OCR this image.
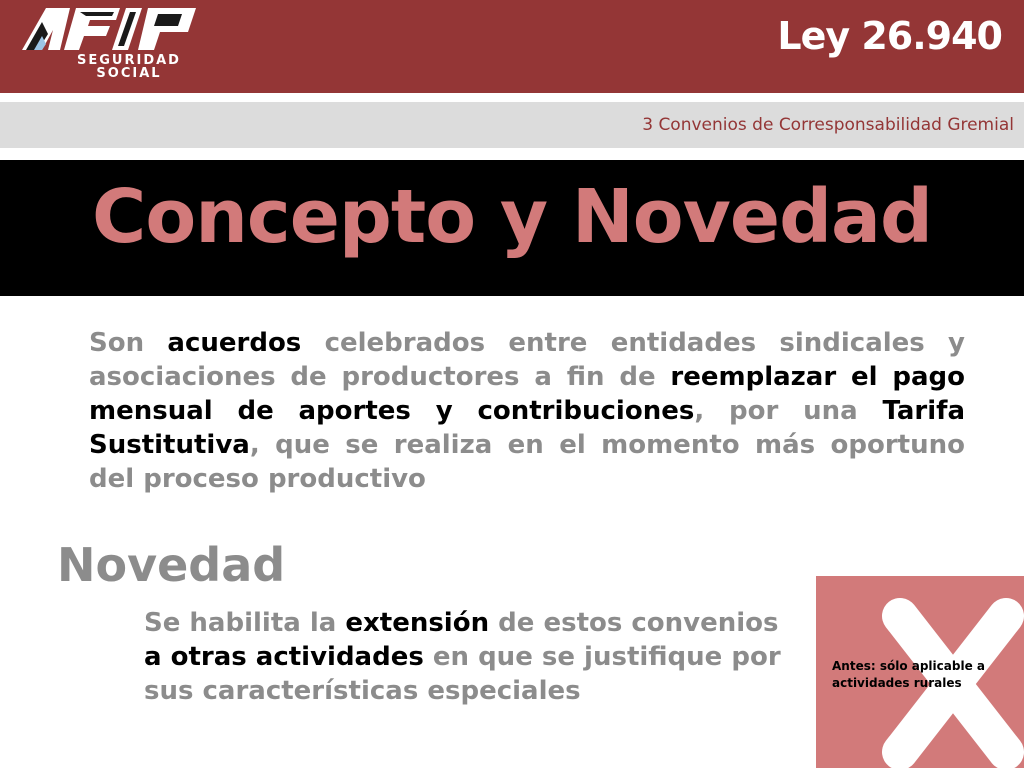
AFIP
SEGURIDAD
SOCIAL
Ley 26.940
3 Convenios de Corresponsabilidad Gremial
Concepto y Novedad

Son acuerdos celebrados entre entidades sindicales y asociaciones de productores a fin de reemplazar el pago mensual de aportes y contribuciones, por una Tarifa Sustitutiva, que se realiza en el momento más oportuno del proceso productivo

Novedad

Se habilita la extensión de estos convenios a otras actividades en que se justifique por sus características especiales

Antes: sólo aplicable a actividades rurales
